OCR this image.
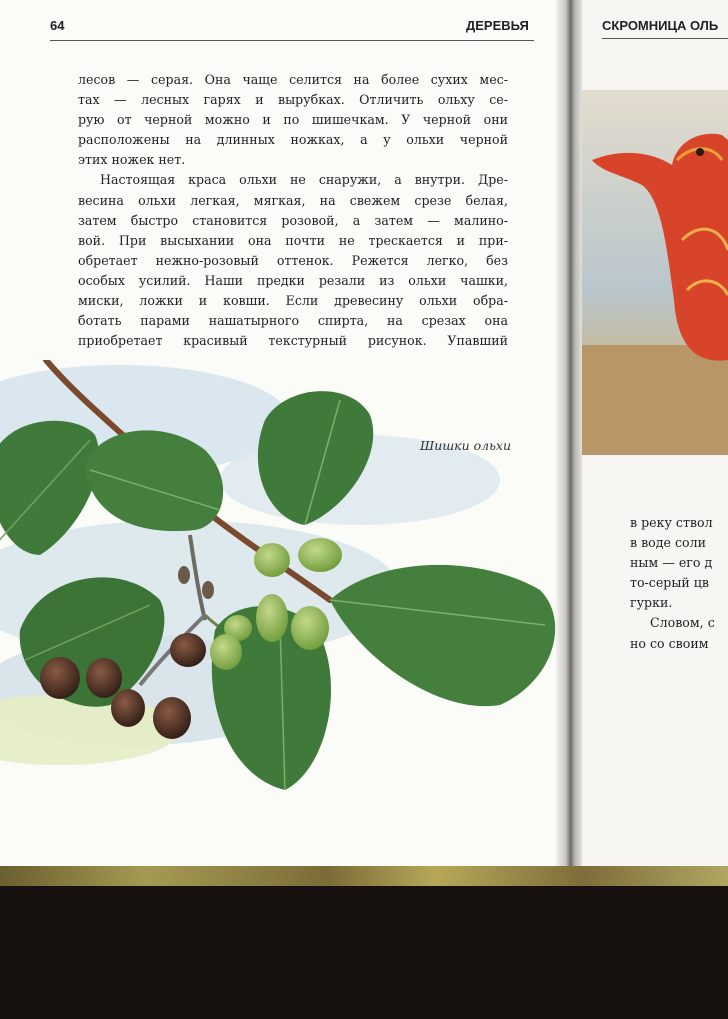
64	ДЕРЕВЬЯ
лесов — серая. Она чаще селится на более сухих мес-
тах — лесных гарях и вырубках. Отличить ольху се-
рую от черной можно и по шишечкам. У черной они
расположены на длинных ножках, а у ольхи черной
этих ножек нет.
Настоящая краса ольхи не снаружи, а внутри. Дре-
весина ольхи легкая, мягкая, на свежем срезе белая,
затем быстро становится розовой, а затем — малино-
вой. При высыхании она почти не трескается и при-
обретает нежно-розовый оттенок. Режется легко, без
особых усилий. Наши предки резали из ольхи чашки,
миски, ложки и ковши. Если древесину ольхи обра-
ботать парами нашатырного спирта, на срезах она
приобретает красивый текстурный рисунок. Упавший
Шишки ольхи
СКРОМНИЦА ОЛЬ
в реку ствол
в воде соли
ным — его д
то-серый цв
гурки.
Словом, с
но со своим
